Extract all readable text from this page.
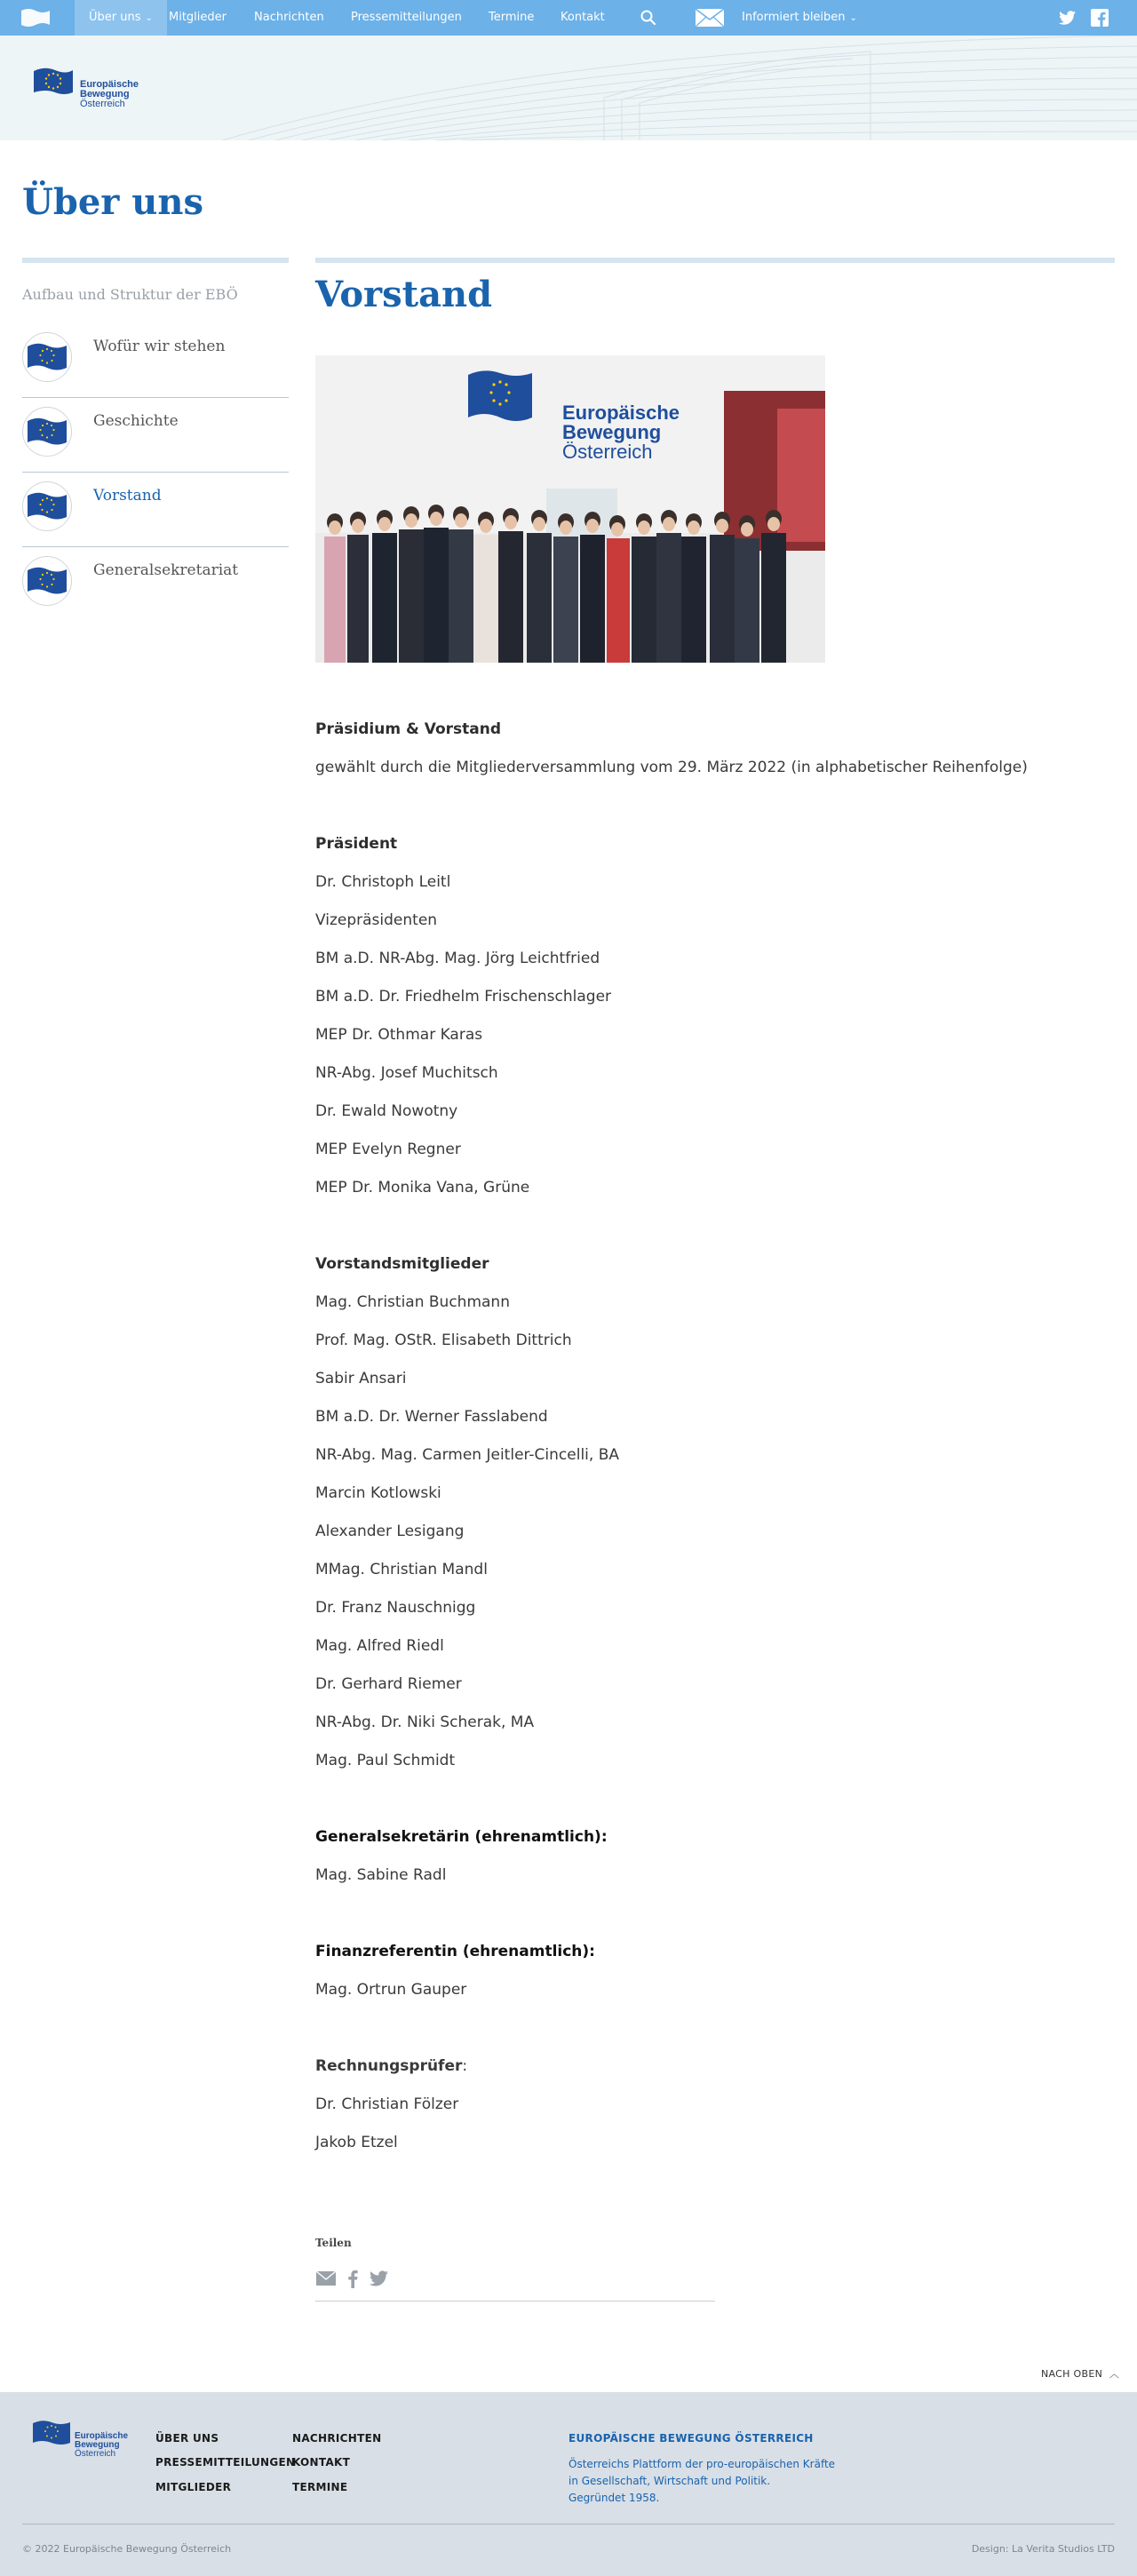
Über uns ⌄	Mitglieder Nachrichten Pressemitteilungen Termine Kontakt	Informiert bleiben ⌄
Europäische
Bewegung
Österreich
Über uns
Aufbau und Struktur der EBÖ
Wofür wir stehen
Geschichte
Vorstand
Generalsekretariat
Vorstand
Europäische
Bewegung
Österreich

Präsidium & Vorstand

gewählt durch die Mitgliederversammlung vom 29. März 2022 (in alphabetischer Reihenfolge)

Präsident

Dr. Christoph Leitl

Vizepräsidenten

BM a.D. NR-Abg. Mag. Jörg Leichtfried

BM a.D. Dr. Friedhelm Frischenschlager

MEP Dr. Othmar Karas

NR-Abg. Josef Muchitsch

Dr. Ewald Nowotny

MEP Evelyn Regner

MEP Dr. Monika Vana, Grüne

Vorstandsmitglieder

Mag. Christian Buchmann

Prof. Mag. OStR. Elisabeth Dittrich

Sabir Ansari

BM a.D. Dr. Werner Fasslabend

NR-Abg. Mag. Carmen Jeitler-Cincelli, BA

Marcin Kotlowski

Alexander Lesigang

MMag. Christian Mandl

Dr. Franz Nauschnigg

Mag. Alfred Riedl

Dr. Gerhard Riemer

NR-Abg. Dr. Niki Scherak, MA

Mag. Paul Schmidt

Generalsekretärin (ehrenamtlich):

Mag. Sabine Radl

Finanzreferentin (ehrenamtlich):

Mag. Ortrun Gauper

Rechnungsprüfer:

Dr. Christian Fölzer

Jakob Etzel

Teilen
NACH OBEN ︿
Europäische
Bewegung
Österreich
ÜBER UNS
PRESSEMITTEILUNGEN
MITGLIEDER
NACHRICHTEN
KONTAKT
TERMINE
EUROPÄISCHE BEWEGUNG ÖSTERREICH
Österreichs Plattform der pro-europäischen Kräfte
in Gesellschaft, Wirtschaft und Politik.
Gegründet 1958.
© 2022 Europäische Bewegung Österreich	Design: La Verita Studios LTD
